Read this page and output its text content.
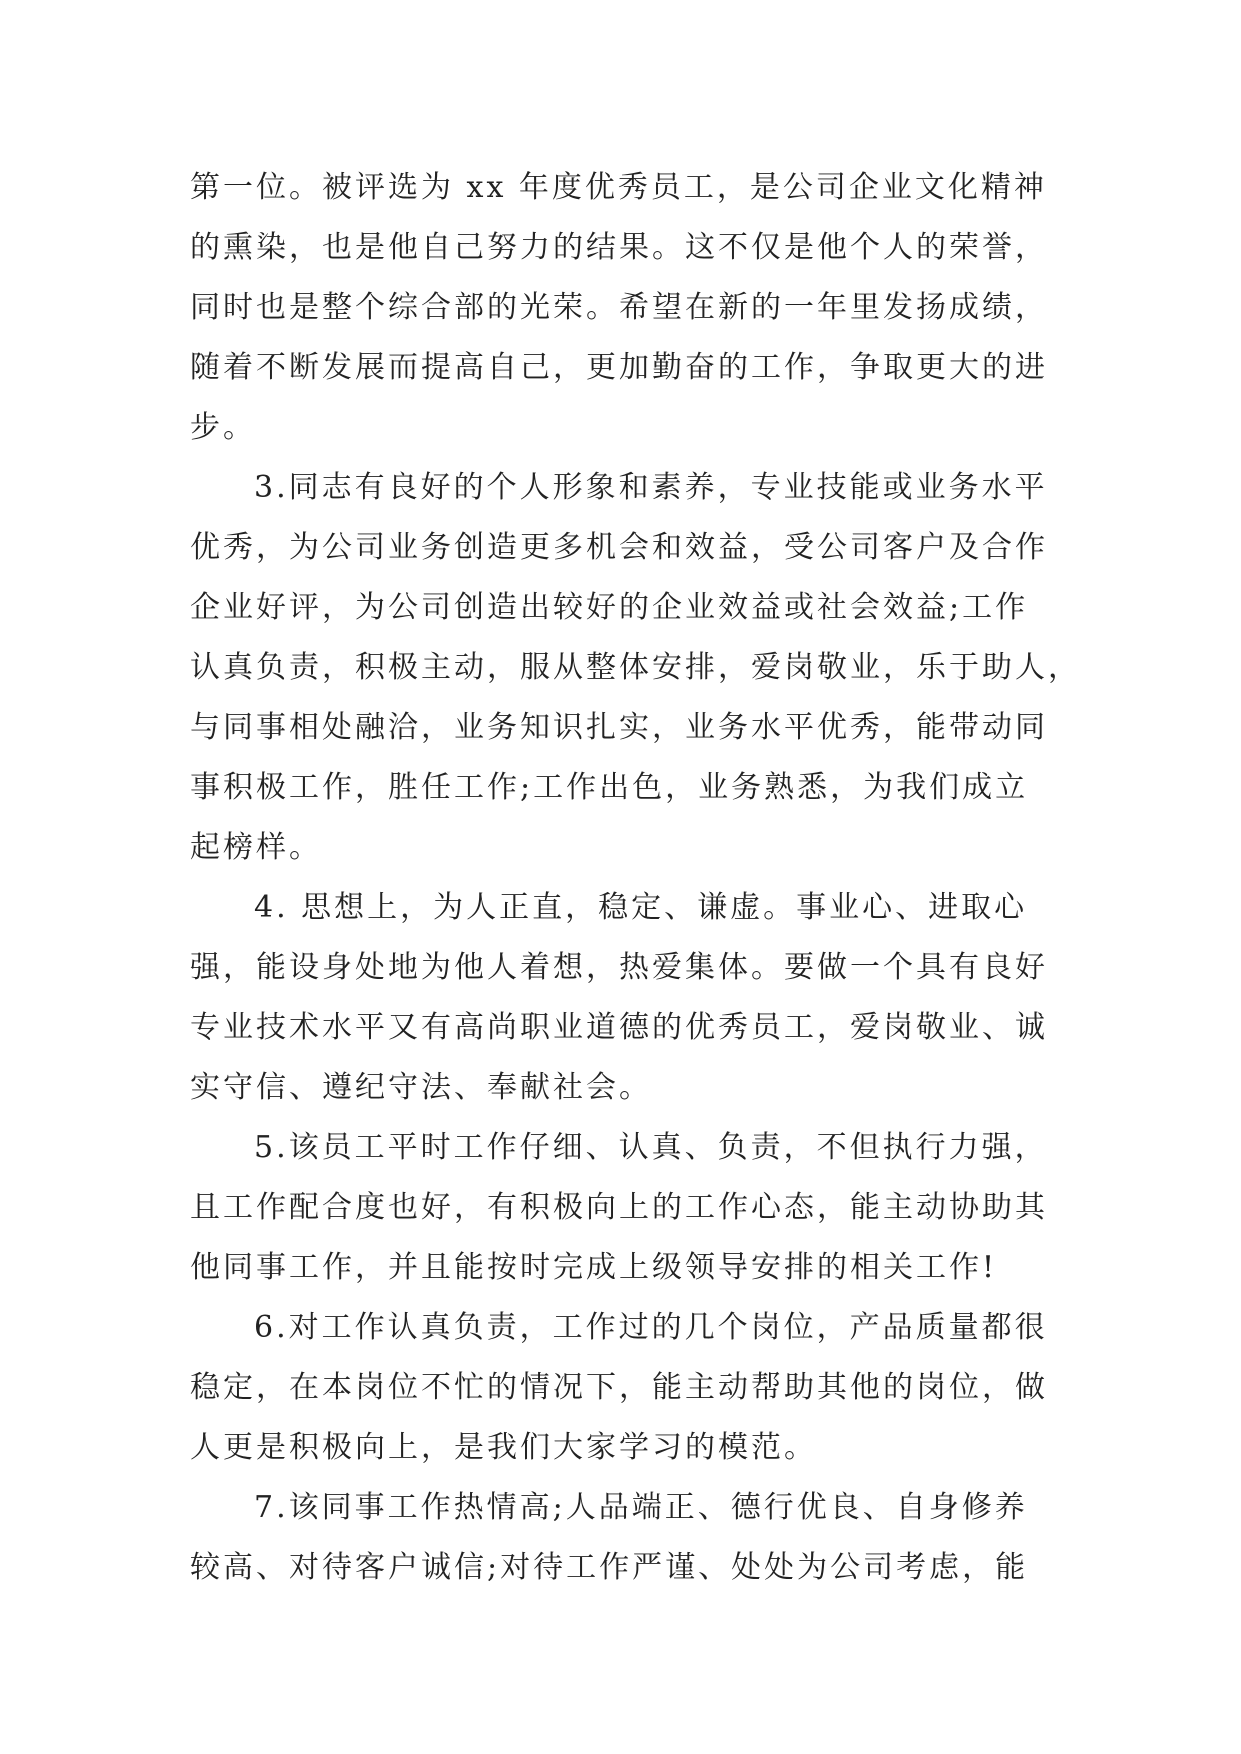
第一位。被评选为 xx 年度优秀员工，是公司企业文化精神
的熏染，也是他自己努力的结果。这不仅是他个人的荣誉，
同时也是整个综合部的光荣。希望在新的一年里发扬成绩，
随着不断发展而提高自己，更加勤奋的工作，争取更大的进
步。
3.同志有良好的个人形象和素养，专业技能或业务水平
优秀，为公司业务创造更多机会和效益，受公司客户及合作
企业好评，为公司创造出较好的企业效益或社会效益;工作
认真负责，积极主动，服从整体安排，爱岗敬业，乐于助人，
与同事相处融洽，业务知识扎实，业务水平优秀，能带动同
事积极工作，胜任工作;工作出色，业务熟悉，为我们成立
起榜样。
4. 思想上，为人正直，稳定、谦虚。事业心、进取心
强，能设身处地为他人着想，热爱集体。要做一个具有良好
专业技术水平又有高尚职业道德的优秀员工，爱岗敬业、诚
实守信、遵纪守法、奉献社会。
5.该员工平时工作仔细、认真、负责，不但执行力强，
且工作配合度也好，有积极向上的工作心态，能主动协助其
他同事工作，并且能按时完成上级领导安排的相关工作!
6.对工作认真负责，工作过的几个岗位，产品质量都很
稳定，在本岗位不忙的情况下，能主动帮助其他的岗位，做
人更是积极向上，是我们大家学习的模范。
7.该同事工作热情高;人品端正、德行优良、自身修养
较高、对待客户诚信;对待工作严谨、处处为公司考虑，能
